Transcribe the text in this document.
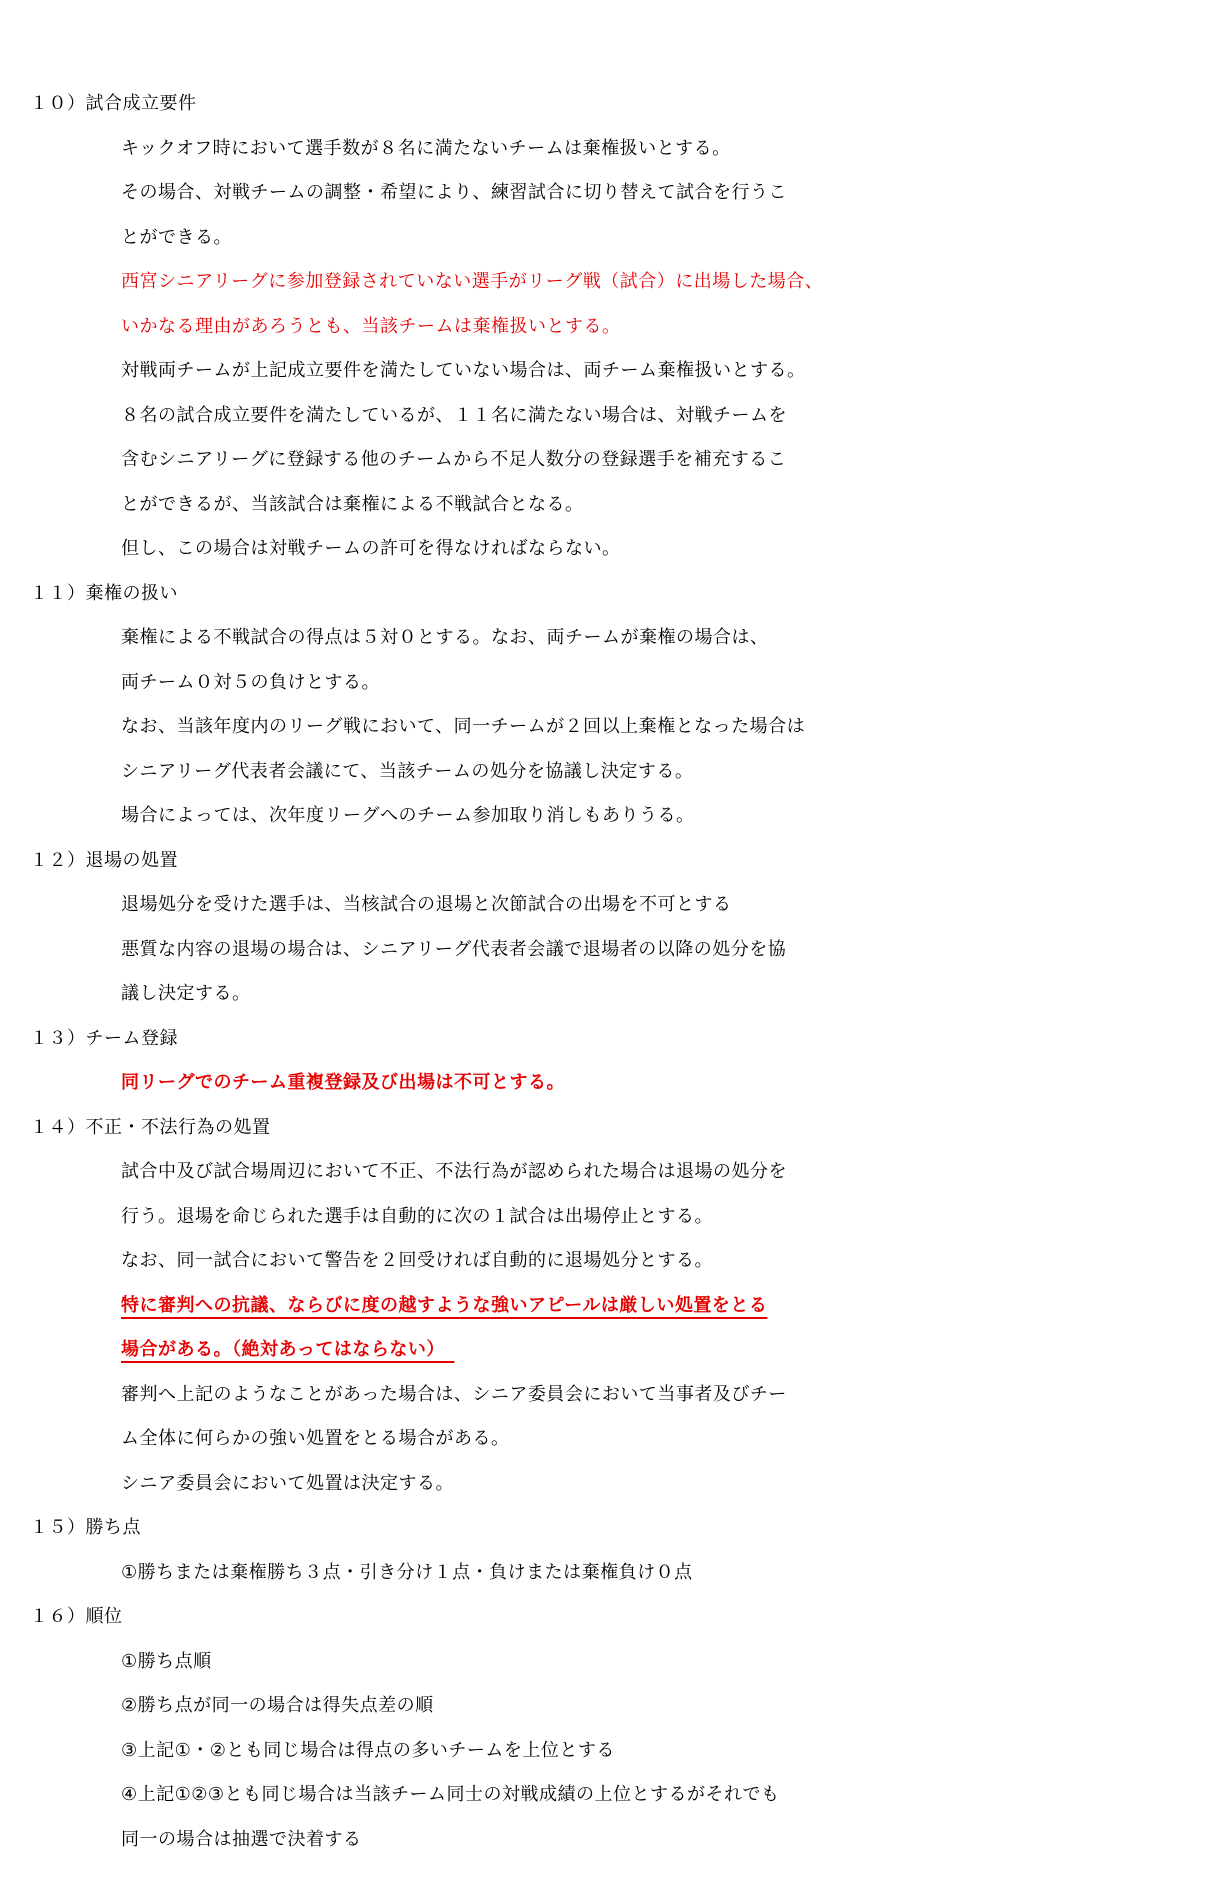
１０）試合成立要件
キックオフ時において選手数が８名に満たないチームは棄権扱いとする。
その場合、対戦チームの調整・希望により、練習試合に切り替えて試合を行うこ
とができる。
西宮シニアリーグに参加登録されていない選手がリーグ戦（試合）に出場した場合、
いかなる理由があろうとも、当該チームは棄権扱いとする。
対戦両チームが上記成立要件を満たしていない場合は、両チーム棄権扱いとする。
８名の試合成立要件を満たしているが、１１名に満たない場合は、対戦チームを
含むシニアリーグに登録する他のチームから不足人数分の登録選手を補充するこ
とができるが、当該試合は棄権による不戦試合となる。
但し、この場合は対戦チームの許可を得なければならない。
１１）棄権の扱い
棄権による不戦試合の得点は５対０とする。なお、両チームが棄権の場合は、
両チーム０対５の負けとする。
なお、当該年度内のリーグ戦において、同一チームが２回以上棄権となった場合は
シニアリーグ代表者会議にて、当該チームの処分を協議し決定する。
場合によっては、次年度リーグへのチーム参加取り消しもありうる。
１２）退場の処置
退場処分を受けた選手は、当核試合の退場と次節試合の出場を不可とする
悪質な内容の退場の場合は、シニアリーグ代表者会議で退場者の以降の処分を協
議し決定する。
１３）チーム登録
同リーグでのチーム重複登録及び出場は不可とする。
１４）不正・不法行為の処置
試合中及び試合場周辺において不正、不法行為が認められた場合は退場の処分を
行う。退場を命じられた選手は自動的に次の１試合は出場停止とする。
なお、同一試合において警告を２回受ければ自動的に退場処分とする。
特に審判への抗議、ならびに度の越すような強いアピールは厳しい処置をとる
場合がある。（絶対あってはならない）　
審判へ上記のようなことがあった場合は、シニア委員会において当事者及びチー
ム全体に何らかの強い処置をとる場合がある。
シニア委員会において処置は決定する。
１５）勝ち点
①勝ちまたは棄権勝ち３点・引き分け１点・負けまたは棄権負け０点
１６）順位
①勝ち点順
②勝ち点が同一の場合は得失点差の順
③上記①・②とも同じ場合は得点の多いチームを上位とする
④上記①②③とも同じ場合は当該チーム同士の対戦成績の上位とするがそれでも
同一の場合は抽選で決着する
